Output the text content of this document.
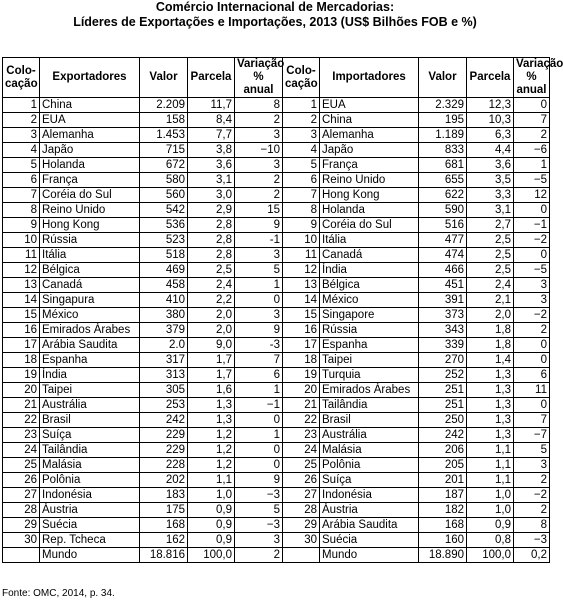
Comércio Internacional de Mercadorias:
Líderes de Exportações e Importações, 2013 (US$ Bilhões FOB e %)
Colo-cação	Exportadores	Valor	Parcela	Variação % anual	Colo-cação	Importadores	Valor	Parcela	Variação % anual
1	China	2.209	11,7	8	1	EUA	2.329	12,3	0
2	EUA	158	8,4	2	2	China	195	10,3	7
3	Alemanha	1.453	7,7	3	3	Alemanha	1.189	6,3	2
4	Japão	715	3,8	−10	4	Japão	833	4,4	−6
5	Holanda	672	3,6	3	5	França	681	3,6	1
6	França	580	3,1	2	6	Reino Unido	655	3,5	−5
7	Coréia do Sul	560	3,0	2	7	Hong Kong	622	3,3	12
8	Reino Unido	542	2,9	15	8	Holanda	590	3,1	0
9	Hong Kong	536	2,8	9	9	Coréia do Sul	516	2,7	−1
10	Rússia	523	2,8	-1	10	Itália	477	2,5	−2
11	Itália	518	2,8	3	11	Canadá	474	2,5	0
12	Bélgica	469	2,5	5	12	Índia	466	2,5	−5
13	Canadá	458	2,4	1	13	Bélgica	451	2,4	3
14	Singapura	410	2,2	0	14	México	391	2,1	3
15	México	380	2,0	3	15	Singapore	373	2,0	−2
16	Emirados Árabes	379	2,0	9	16	Rússia	343	1,8	2
17	Arábia Saudita	2.0	9,0	-3	17	Espanha	339	1,8	0
18	Espanha	317	1,7	7	18	Taipei	270	1,4	0
19	Índia	313	1,7	6	19	Turquia	252	1,3	6
20	Taipei	305	1,6	1	20	Emirados Árabes	251	1,3	11
21	Austrália	253	1,3	−1	21	Tailândia	251	1,3	0
22	Brasil	242	1,3	0	22	Brasil	250	1,3	7
23	Suíça	229	1,2	1	23	Austrália	242	1,3	−7
24	Tailândia	229	1,2	0	24	Malásia	206	1,1	5
25	Malásia	228	1,2	0	25	Polônia	205	1,1	3
26	Polônia	202	1,1	9	26	Suíça	201	1,1	2
27	Indonésia	183	1,0	−3	27	Indonésia	187	1,0	−2
28	Áustria	175	0,9	5	28	Áustria	182	1,0	2
29	Suécia	168	0,9	−3	29	Arábia Saudita	168	0,9	8
30	Rep. Tcheca	162	0,9	3	30	Suécia	160	0,8	−3
	Mundo	18.816	100,0	2		Mundo	18.890	100,0	0,2
Fonte: OMC, 2014, p. 34.
